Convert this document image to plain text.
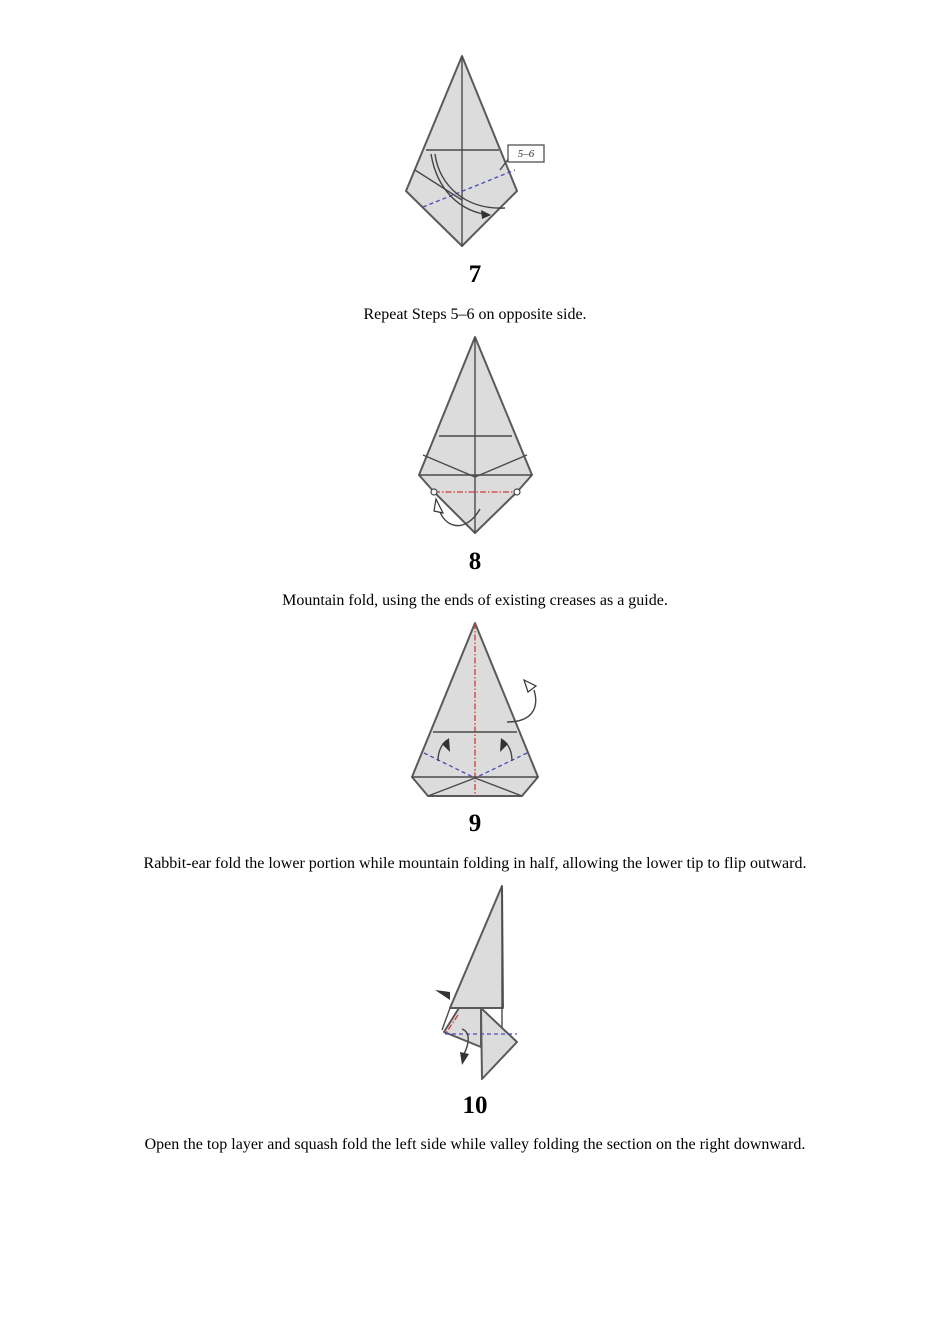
5–6
7
Repeat Steps 5–6 on opposite side.
8
Mountain fold, using the ends of existing creases as a guide.
9
Rabbit-ear fold the lower portion while mountain folding in half, allowing the lower tip to flip outward.
10
Open the top layer and squash fold the left side while valley folding the section on the right downward.
